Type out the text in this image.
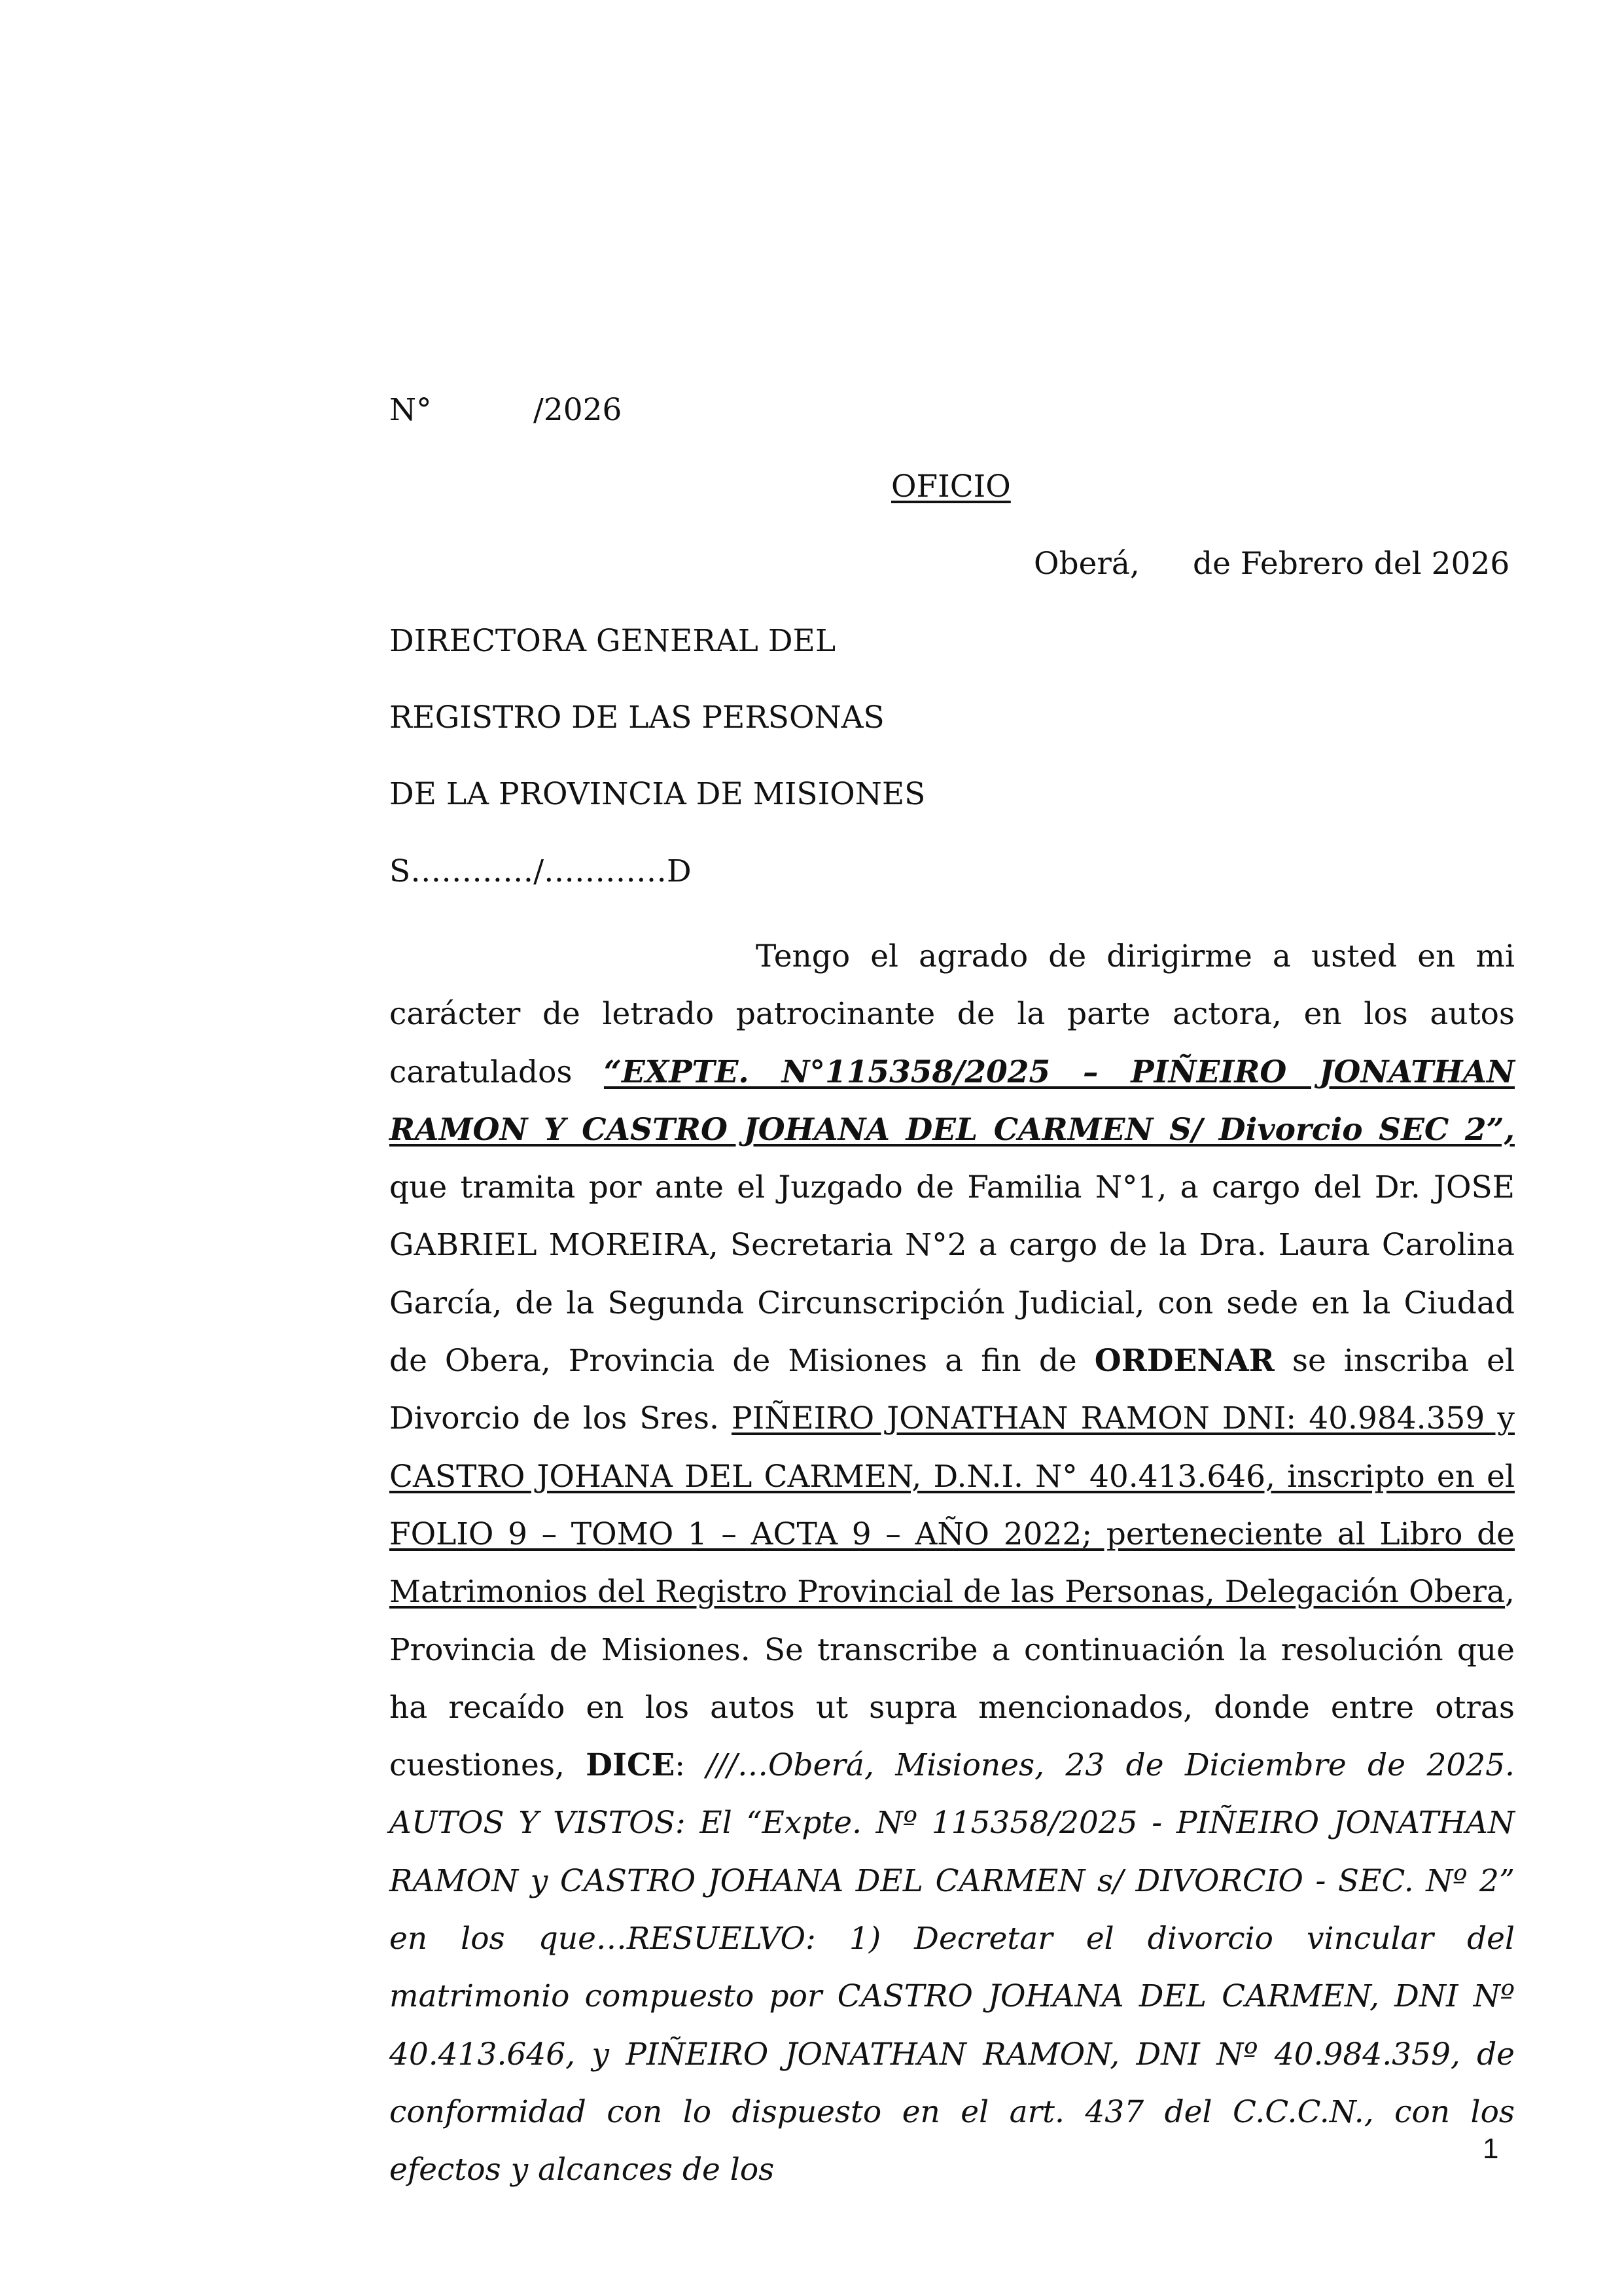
N°	/2026
OFICIO
Oberá, de Febrero del 2026
DIRECTORA GENERAL DEL
REGISTRO DE LAS PERSONAS
DE LA PROVINCIA DE MISIONES
S…………/…………D
Tengo el agrado de dirigirme a usted en mi carácter de letrado patrocinante de la parte actora, en los autos caratulados “EXPTE. N°115358/2025 – PIÑEIRO JONATHAN RAMON Y CASTRO JOHANA DEL CARMEN S/ Divorcio SEC 2”, que tramita por ante el Juzgado de Familia N°1, a cargo del Dr. JOSE GABRIEL MOREIRA, Secretaria N°2 a cargo de la Dra. Laura Carolina García, de la Segunda Circunscripción Judicial, con sede en la Ciudad de Obera, Provincia de Misiones a fin de ORDENAR se inscriba el Divorcio de los Sres. PIÑEIRO JONATHAN RAMON DNI: 40.984.359 y CASTRO JOHANA DEL CARMEN, D.N.I. N° 40.413.646, inscripto en el FOLIO 9 – TOMO 1 – ACTA 9 – AÑO 2022; perteneciente al Libro de Matrimonios del Registro Provincial de las Personas, Delegación Obera, Provincia de Misiones. Se transcribe a continuación la resolución que ha recaído en los autos ut supra mencionados, donde entre otras cuestiones, DICE: ///…Oberá, Misiones, 23 de Diciembre de 2025. AUTOS Y VISTOS: El “Expte. Nº 115358/2025 - PIÑEIRO JONATHAN RAMON y CASTRO JOHANA DEL CARMEN s/ DIVORCIO - SEC. Nº 2” en los que…RESUELVO: 1) Decretar el divorcio vincular del matrimonio compuesto por CASTRO JOHANA DEL CARMEN, DNI Nº 40.413.646, y PIÑEIRO JONATHAN RAMON, DNI Nº 40.984.359, de conformidad con lo dispuesto en el art. 437 del C.C.C.N., con los efectos y alcances de los
1
